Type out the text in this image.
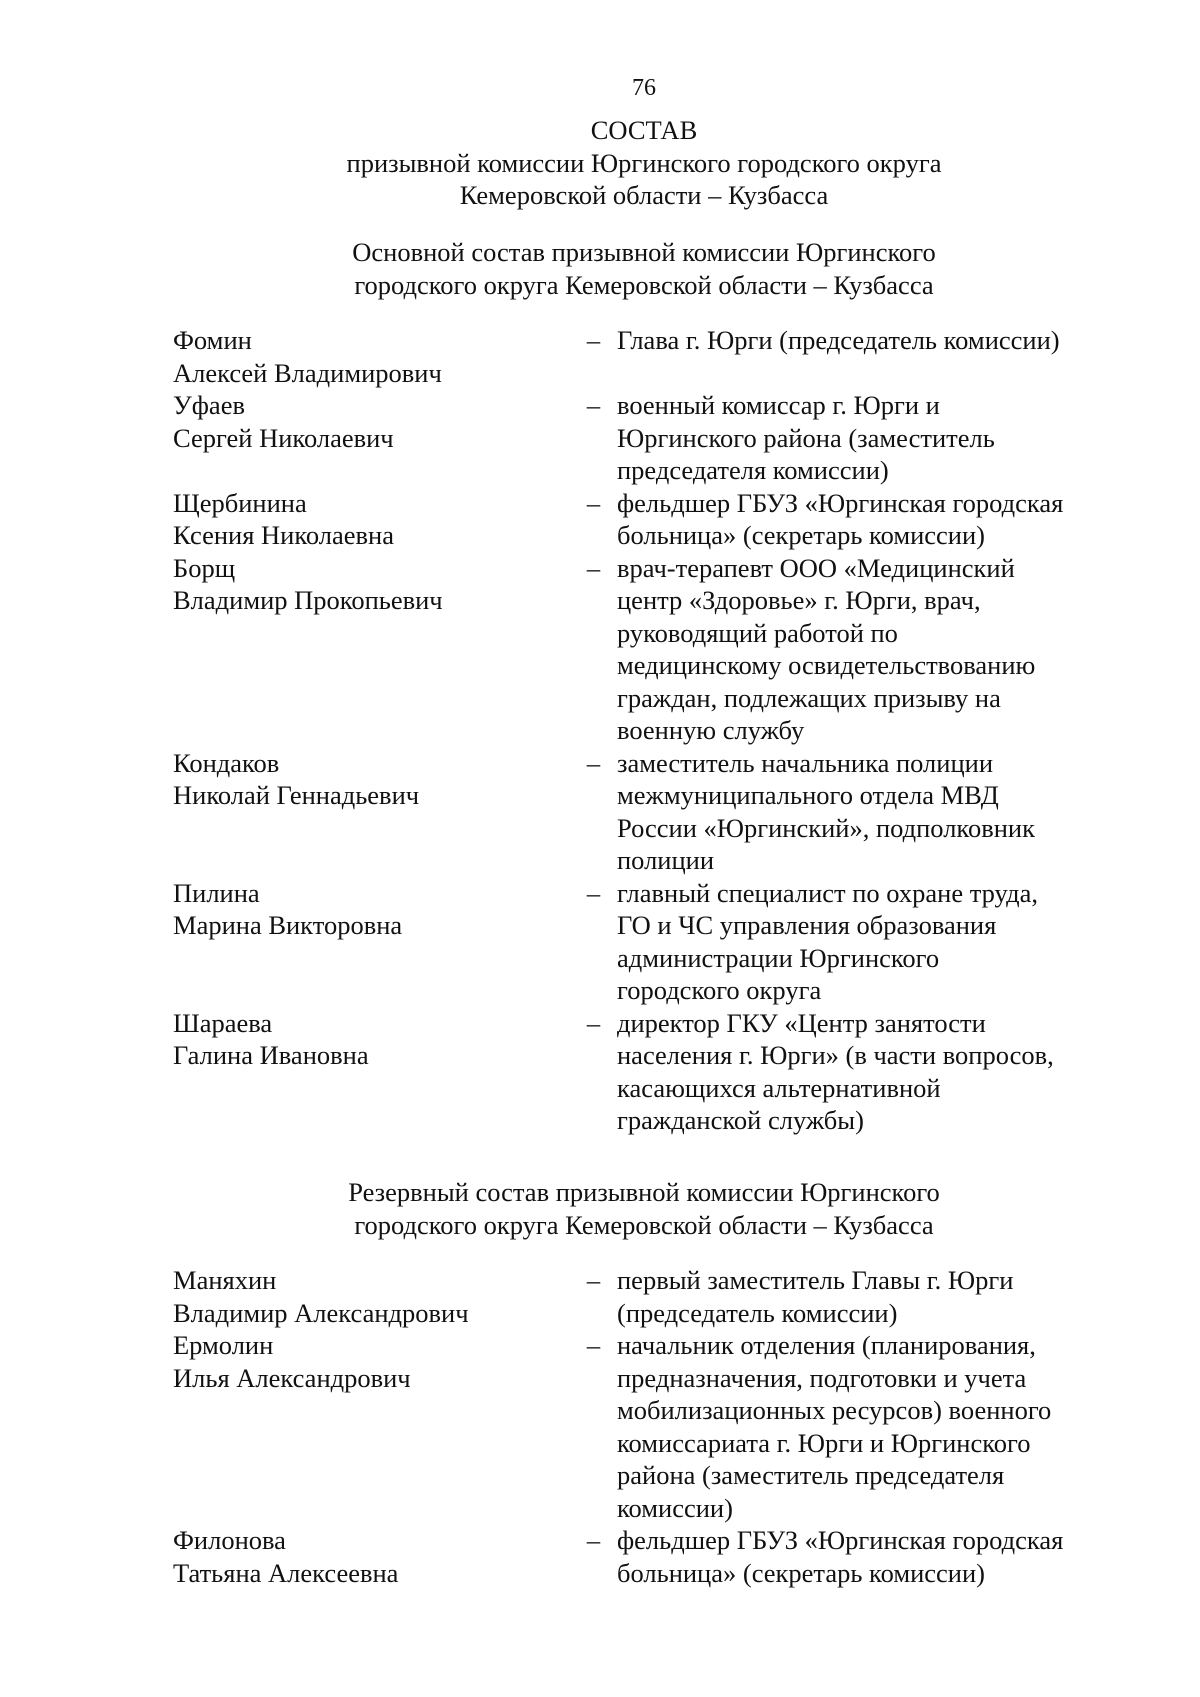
76
СОСТАВ
призывной комиссии Юргинского городского округа
Кемеровской области – Кузбасса
Основной состав призывной комиссии Юргинского
городского округа Кемеровской области – Кузбасса
Фомин
Алексей Владимирович
– Глава г. Юрги (председатель комиссии)
Уфаев
Сергей Николаевич
– военный комиссар г. Юрги и
Юргинского района (заместитель
председателя комиссии)
Щербинина
Ксения Николаевна
– фельдшер ГБУЗ «Юргинская городская
больница» (секретарь комиссии)
Борщ
Владимир Прокопьевич
– врач-терапевт ООО «Медицинский
центр «Здоровье» г. Юрги, врач,
руководящий работой по
медицинскому освидетельствованию
граждан, подлежащих призыву на
военную службу
Кондаков
Николай Геннадьевич
– заместитель начальника полиции
межмуниципального отдела МВД
России «Юргинский», подполковник
полиции
Пилина
Марина Викторовна
– главный специалист по охране труда,
ГО и ЧС управления образования
администрации Юргинского
городского округа
Шараева
Галина Ивановна
– директор ГКУ «Центр занятости
населения г. Юрги» (в части вопросов,
касающихся альтернативной
гражданской службы)
Резервный состав призывной комиссии Юргинского
городского округа Кемеровской области – Кузбасса
Маняхин
Владимир Александрович
– первый заместитель Главы г. Юрги
(председатель комиссии)
Ермолин
Илья Александрович
– начальник отделения (планирования,
предназначения, подготовки и учета
мобилизационных ресурсов) военного
комиссариата г. Юрги и Юргинского
района (заместитель председателя
комиссии)
Филонова
Татьяна Алексеевна
– фельдшер ГБУЗ «Юргинская городская
больница» (секретарь комиссии)
